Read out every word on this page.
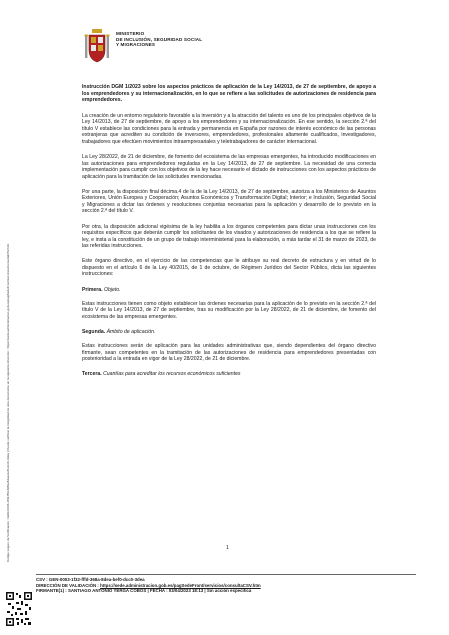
MINISTERIO
DE INCLUSIÓN, SEGURIDAD SOCIAL
Y MIGRACIONES
Código seguro de Verificación : GEN-0003-1f32-fffd-368a-8dea-bef0-dcc0-3dea | Puede verificar la integridad de este documento en la siguiente dirección : https://sede.administracion.gob.es/pagSedeFront/servicios/consultaCSV.htm

Instrucción DGM 1/2023 sobre los aspectos prácticos de aplicación de la Ley 14/2013, de 27 de septiembre, de apoyo a los emprendedores y su internacionalización, en lo que se refiere a las solicitudes de autorizaciones de residencia para emprendedores.

La creación de un entorno regulatorio favorable a la inversión y a la atracción del talento es uno de los principales objetivos de la Ley 14/2013, de 27 de septiembre, de apoyo a los emprendedores y su internacionalización. En ese sentido, la sección 2.ª del título V establece las condiciones para la entrada y permanencia en España por razones de interés económico de las personas extranjeras que acrediten su condición de inversores, emprendedores, profesionales altamente cualificados, investigadores, trabajadores que efectúen movimientos intraempresariales y teletrabajadores de carácter internacional.

La Ley 28/2022, de 21 de diciembre, de fomento del ecosistema de las empresas emergentes, ha introducido modificaciones en las autorizaciones para emprendedores reguladas en la Ley 14/2013, de 27 de septiembre. La necesidad de una correcta implementación para cumplir con los objetivos de la ley hace necesario el dictado de instrucciones con los aspectos prácticos de aplicación para la tramitación de las solicitudes mencionadas.

Por una parte, la disposición final décima.4 de la de la Ley 14/2013, de 27 de septiembre, autoriza a los Ministerios de Asuntos Exteriores, Unión Europea y Cooperación; Asuntos Económicos y Transformación Digital; Interior; e Inclusión, Seguridad Social y Migraciones a dictar las órdenes y resoluciones conjuntas necesarias para la aplicación y desarrollo de lo previsto en la sección 2.ª del título V.

Por otra, la disposición adicional vigésima de la ley habilita a los órganos competentes para dictar unas instrucciones con los requisitos específicos que deberán cumplir los solicitantes de los visados y autorizaciones de residencia a los que se refiere la ley, e insta a la constitución de un grupo de trabajo interministerial para la elaboración, a más tardar el 31 de marzo de 2023, de las referidas instrucciones.

Este órgano directivo, en el ejercicio de las competencias que le atribuye su real decreto de estructura y en virtud de lo dispuesto en el artículo 6 de la Ley 40/2015, de 1 de octubre, de Régimen Jurídico del Sector Público, dicta las siguientes instrucciones:

Primera. Objeto.

Estas instrucciones tienen como objeto establecer las órdenes necesarias para la aplicación de lo previsto en la sección 2.ª del título V de la Ley 14/2013, de 27 de septiembre, tras su modificación por la Ley 28/2022, de 21 de diciembre, de fomento del ecosistema de las empresas emergentes.

Segunda. Ámbito de aplicación.

Estas instrucciones serán de aplicación para las unidades administrativas que, siendo dependientes del órgano directivo firmante, sean competentes en la tramitación de las autorizaciones de residencia para emprendedores presentadas con posterioridad a la entrada en vigor de la Ley 28/2022, de 21 de diciembre.

Tercera. Cuantías para acreditar los recursos económicos suficientes

1
CSV : GEN-0003-1f32-fffd-368a-8dea-bef0-dcc0-3dea
DIRECCIÓN DE VALIDACIÓN : https://sede.administracion.gob.es/pagSedeFront/servicios/consultaCSV.htm
FIRMANTE(1) : SANTIAGO ANTONIO YERGA COBOS | FECHA : 03/04/2023 18:13 | Sin acción específica
